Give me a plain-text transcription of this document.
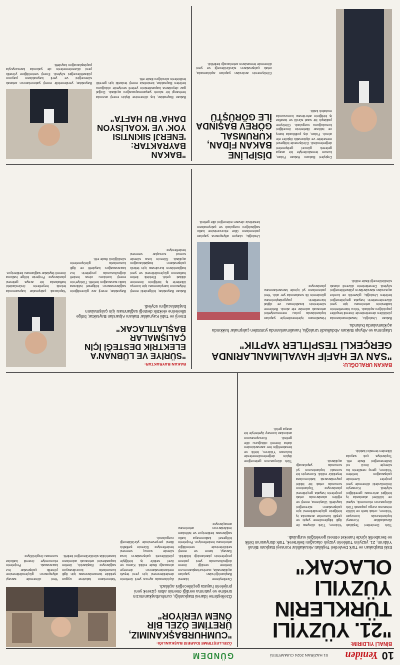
10
Yeniden
01 HAZİRAN 2024 CUMARTESİ
GÜNDEM
BİNALİ YILDIRIM:
"21. YÜZYILI TÜRKLERİN YÜZYILI OLACAK"
Eski Başbakan ve Türk Devletleri Teşkilatı Aksakallılar Konseyi Başkanı Binali Yıldırım, 21. yüzyılın Türklerin yüzyılı olacağını belirterek, Türk dünyasının birlik ve beraberlik içinde hareket etmesi gerektiğini vurguladı.
Türk Devletleri Teşkilatı Aksakallılar Konseyi toplantısında konuşan Yıldırım, ortak tarih ve kültür mirasına vurgu yaparak Türk dünyasının ekonomik, siyasi ve kültürel alanlarda iş birliğini artırması gerektiğini söyledi. Konseyin önümüzdeki dönemde yeni projeler üzerinde çalışacağını belirten Yıldırım, genç nesillerin bu süreçte öncü rol üstleneceğini ifade etti. Toplantıya çok sayıda ülkeden temsilci katıldı.
Yıldırım, Türk dünyası ile ilgili bilgilendirme yaptı ve çeşitli kurumlar arasında iş birliğinin güçlendirilmesi için çalışmaların süreceğini kaydetti. Ulaştırma, enerji ve eğitim alanlarında ortak projelerin hayata geçirilmesi planlanıyor. Toplantının sonunda ortak bir bildiri yayımlanarak katılımcılara teşekkür edildi. Konseyin bir sonraki toplantısının yıl sonunda yapılacağı açıklandı.
Türk dünyasının geleceğine ilişkin değerlendirmelerde bulunan Yıldırım, birlik ve beraberliğin her zamankinden daha önemli olduğunu dile getirdi. Konuşmasının ardından konsey üyeleriyle bir araya geldi.
ÖZELLEŞTİRME İDARESİ BAŞKANLIĞI:
"CUMHURBAŞKANIMIZ, ÜRETİME ÖZEL BİR ÖNEM VERİYOR"
Özelleştirme İdaresi Başkanlığı, cumhurbaşkanımızın üretime ve yatırıma verdiği önemin altını çizerek yeni projelerin hayata geçirileceğini açıkladı.
Özelleştirme İdaresi Başkanlığı'ndan yapılan açıklamada, cumhurbaşkanımızın üretime verdiği önem doğrultusunda yeni yatırım projelerinin planlandığı bildirildi. Sanayi, tarım ve enerji sektörlerinde verimliliğin artırılması hedefleniyor. Projelerin bölgesel kalkınmaya katkı sağlaması bekleniyor ve istihdam imkânlarının artırılması amaçlanıyor.
Açıklamada ayrıca yerli üretimin desteklenmesi için yeni teşvik mekanizmalarının devreye alınacağı ifade edildi. Kamu ve özel sektör iş birliğiyle yürütülecek çalışmaların kısa sürede sonuç vermesi hedefleniyor. Sürecin şeffaflık ilkesi çerçevesinde yürütüleceği vurgulandı.
Yatırımların takvime uygun şekilde tamamlanması için ilgili kurumlarla koordinasyon sağlanıyor. Başkanlık, üretim kapasitesini artıracak adımların kararlılıkla sürdürüleceğini belirtti.
Yeni dönemde sanayi altyapısının güçlendirilmesine yönelik çalışmalar hız kazanacak. Projelerin ekonomiye önemli katkılar sunması öngörülüyor.
BAKAN URALOĞLU:
"SAN VE HAFİF HAVALİMANLARINDA GERÇEKLİ TESPİTLER YAPTIK"
Ulaştırma ve Altyapı Bakanı Abdulkadir Uraloğlu, havalimanlarında yürütülen çalışmalar hakkında açıklamalarda bulundu.
Bakan Uraloğlu, havalimanlarında yürütülen denetimlerde önemli tespitler yapıldığını açıkladı. Yolcu hizmetlerinin kalitesinin artırılması için yeni düzenlemelerin hayata geçirileceğini belirten Uraloğlu, güvenlik ve konfor açısından standartların yükseltileceğini söyledi. Denetimlerin düzenli olarak sürdürüleceği ifade edildi.
Havalimanı işletmecileriyle yapılan toplantılarda yolcu memnuniyetini artıracak adımlar ele alındı. Bekleme sürelerinin kısaltılması ve dijital hizmetlerin yaygınlaştırılması gündemin ilk sıralarında yer aldı. Yeni yatırımların yıl içinde tamamlanması planlanıyor.
Uraloğlu, ulaşım altyapısına yapılan yatırımların ülke ekonomisine katkı sağladığını vurguladı ve çalışmaların kesintisiz devam edeceğini dile getirdi.
BAKAN BAYRAKTAR:
"SÜRİYE VE LÜBNAN'A ELEKTRİK DESTEĞİ İÇİN ÇALIŞMALAR BAŞLATILACAK"
Enerji ve Tabii Kaynaklar Bakanı Alparslan Bayraktar, bölge ülkelerine elektrik desteği sağlanması için çalışmaların başlatılacağını söyledi.
Bakan Bayraktar, bölgedeki enerji ihtiyacının karşılanması için komşu ülkelerle iş birliğinin önemine dikkat çekti. Elektrik iletim hatlarının güçlendirilmesi ve yeni bağlantıların kurulması için teknik çalışmaların başlatılacağını açıkladı. Sürecin kısa sürede somut sonuçlar vermesi hedefleniyor.
Bayraktar, enerji arz güvenliğinin sağlanmasının bölgesel istikrara katkı sunacağını belirtti. Türkiye'nin enerji koridoru olma hedefi doğrultusunda projelerin hız kazanacağını kaydetti ve ilgili kurumlarla görüşmelerin sürdüğünü ifade etti.
Yapılacak çalışmalar kapsamında teknik heyetlerin önümüzdeki haftalarda bir araya gelmesi planlanıyor. Projenin bölge halkına önemli faydalar sağlaması bekleniyor.
Dışişleri Bakanı Hakan Fidan, kurum temsilcileriyle bir araya gelerek güncel gelişmeleri değerlendirdi. Görüşmede bölgesel meseleler ve diplomatik ilişkiler ele alındı. Fidan, dış politikada barış ve istikrar ilkelerinin önceliğini koruduğunu vurguladı. Görüşme yaklaşık bir saat sürdü ve taraflar iş birliğinin artırılması konusunda mutabık kaldı.
DİSİPLİNE BAKAN FİDAN, KURUMSAL GÖREV BAŞINDA İLE GÖRÜŞTÜ
Görüşmenin ardından yapılan açıklamada, ortak çalışmaların sürdürüleceği ve yeni dönemde temasların artırılacağı belirtildi.
"BAKAN BAYRAKTAR: 'ENERJİ SIKINTISI YOK' VE 'KOALİSYON DAHA' BU HAFTA"
Bakan Bayraktar, kış dönemine ilişkin enerji arzında herhangi bir sıkıntı yaşanmayacağını açıkladı. Doğal gaz depolama kapasitesinin yeterli seviyede olduğunu belirten Bayraktar, kesintisiz enerji tedariki için gerekli tedbirlerin alındığını ifade etti.
Bayraktar, yenilenebilir enerji yatırımlarının artarak süreceğini ve yerli kaynakların payının yükseltileceğini söyledi. Enerji verimliliğine yönelik yeni düzenlemelerin de yakında kamuoyuyla paylaşılacağını kaydetti.
